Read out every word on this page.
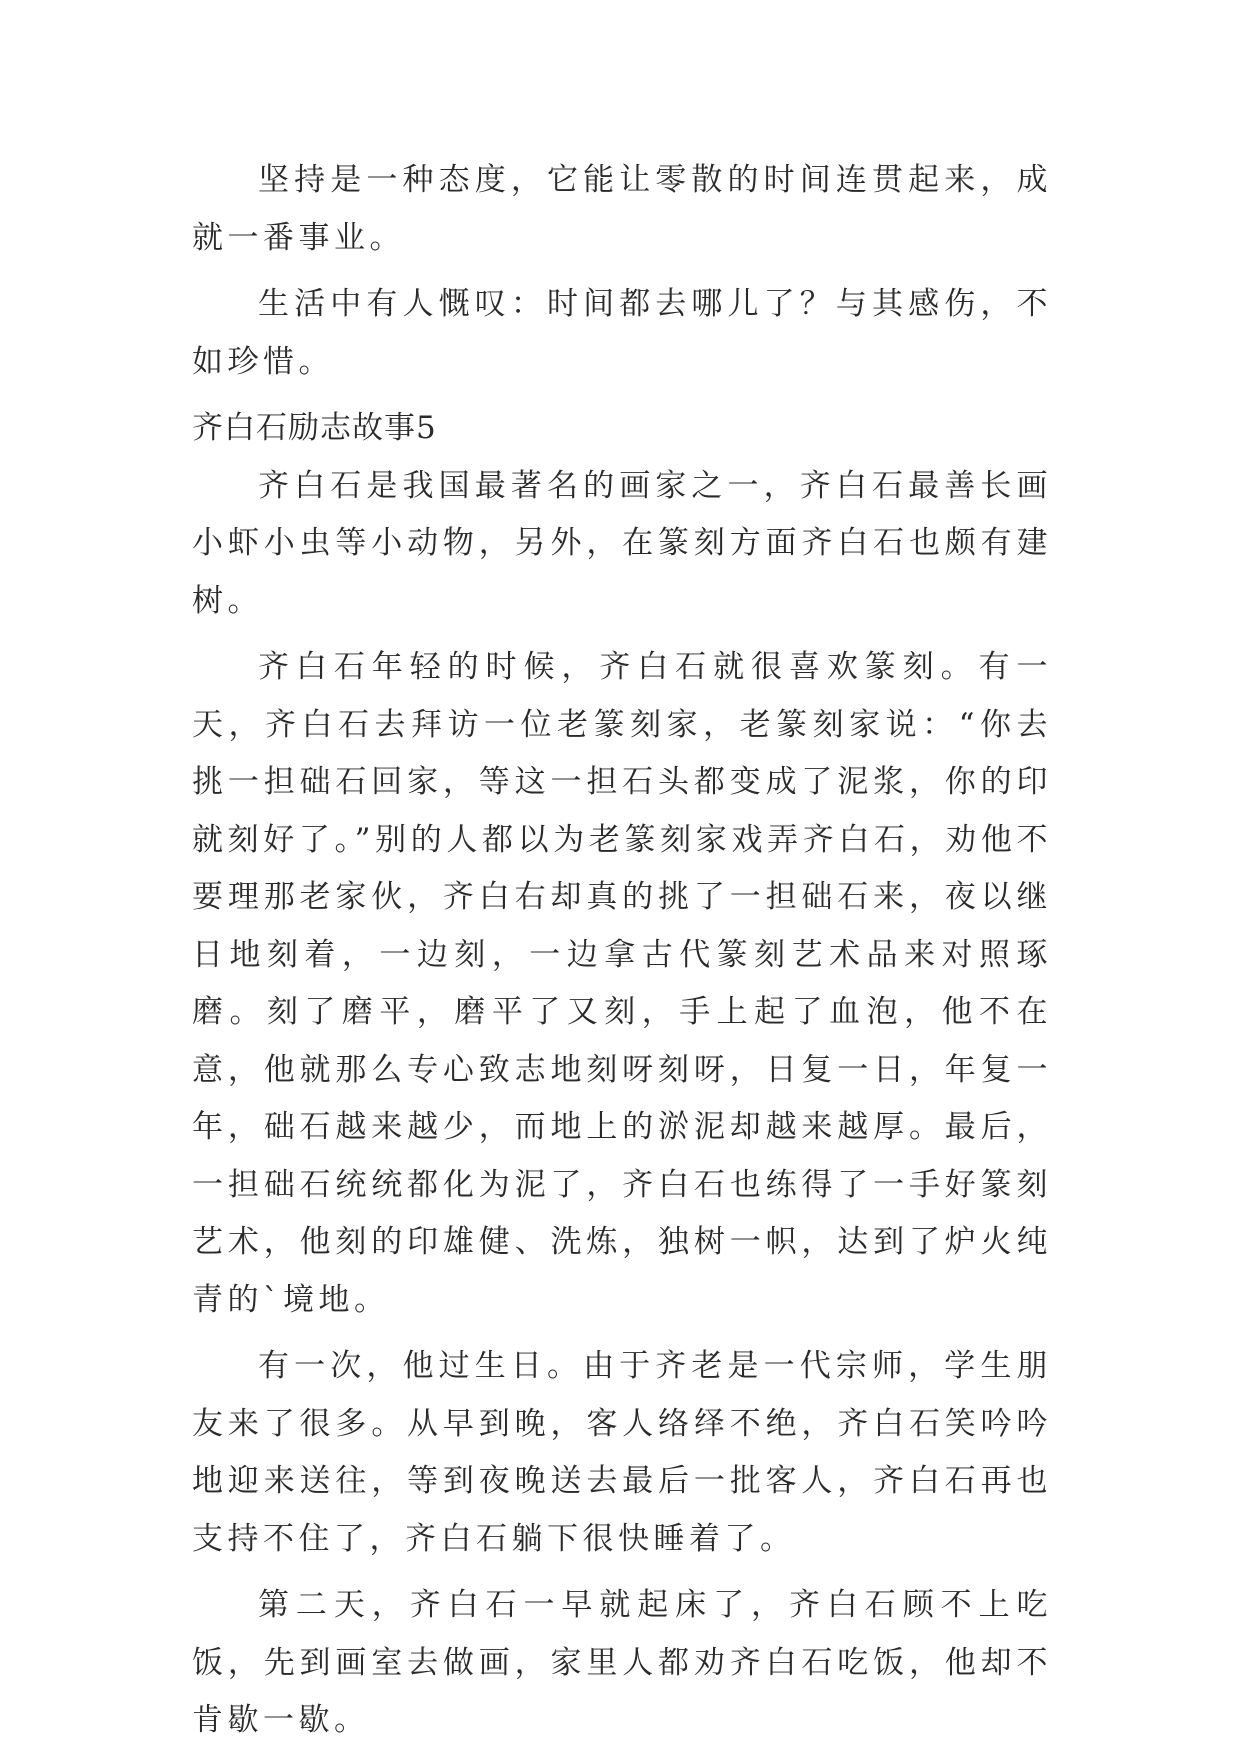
坚持是一种态度，它能让零散的时间连贯起来，成就一番事业。

生活中有人慨叹：时间都去哪儿了？与其感伤，不如珍惜。

齐白石励志故事5

齐白石是我国最著名的画家之一，齐白石最善长画小虾小虫等小动物，另外，在篆刻方面齐白石也颇有建树。

齐白石年轻的时候，齐白石就很喜欢篆刻。有一天，齐白石去拜访一位老篆刻家，老篆刻家说：“你去挑一担础石回家，等这一担石头都变成了泥浆，你的印就刻好了。”别的人都以为老篆刻家戏弄齐白石，劝他不要理那老家伙，齐白右却真的挑了一担础石来，夜以继日地刻着，一边刻，一边拿古代篆刻艺术品来对照琢磨。刻了磨平，磨平了又刻，手上起了血泡，他不在意，他就那么专心致志地刻呀刻呀，日复一日，年复一年，础石越来越少，而地上的淤泥却越来越厚。最后，一担础石统统都化为泥了，齐白石也练得了一手好篆刻艺术，他刻的印雄健、洗炼，独树一帜，达到了炉火纯青的`境地。

有一次，他过生日。由于齐老是一代宗师，学生朋友来了很多。从早到晚，客人络绎不绝，齐白石笑吟吟地迎来送往，等到夜晚送去最后一批客人，齐白石再也支持不住了，齐白石躺下很快睡着了。

第二天，齐白石一早就起床了，齐白石顾不上吃饭，先到画室去做画，家里人都劝齐白石吃饭，他却不肯歇一歇。
